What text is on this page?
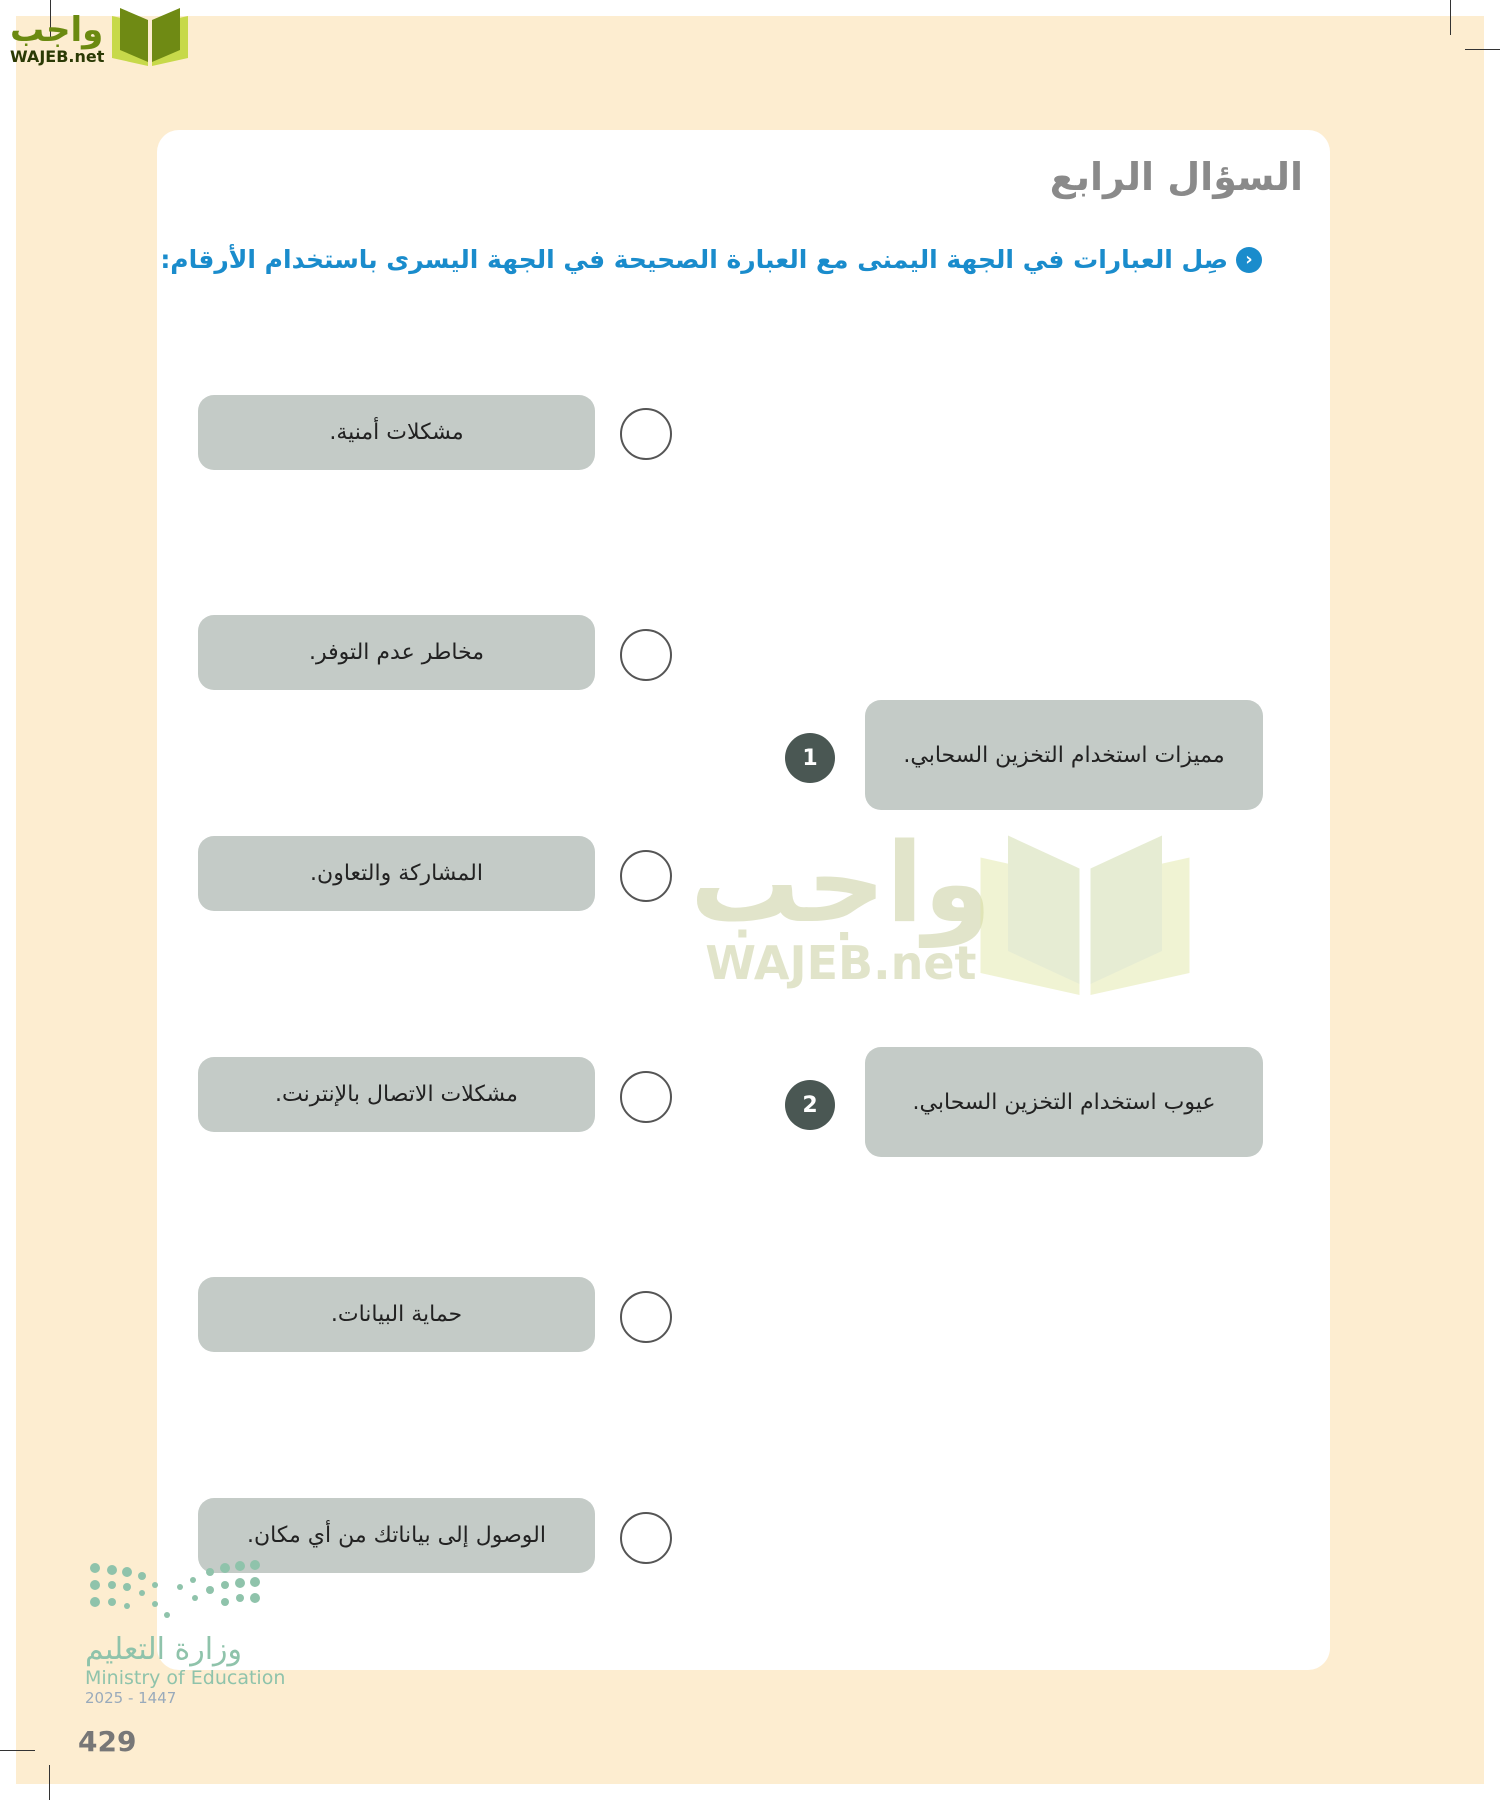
واجب
WAJEB.net
السؤال الرابع
‹
صِل العبارات في الجهة اليمنى مع العبارة الصحيحة في الجهة اليسرى باستخدام الأرقام:
واجب
WAJEB.net
مشكلات أمنية.
مخاطر عدم التوفر.
المشاركة والتعاون.
مشكلات الاتصال بالإنترنت.
حماية البيانات.
الوصول إلى بياناتك من أي مكان.
1	مميزات استخدام التخزين السحابي.
2	عيوب استخدام التخزين السحابي.
وزارة التعليم
Ministry of Education
2025 - 1447
429
